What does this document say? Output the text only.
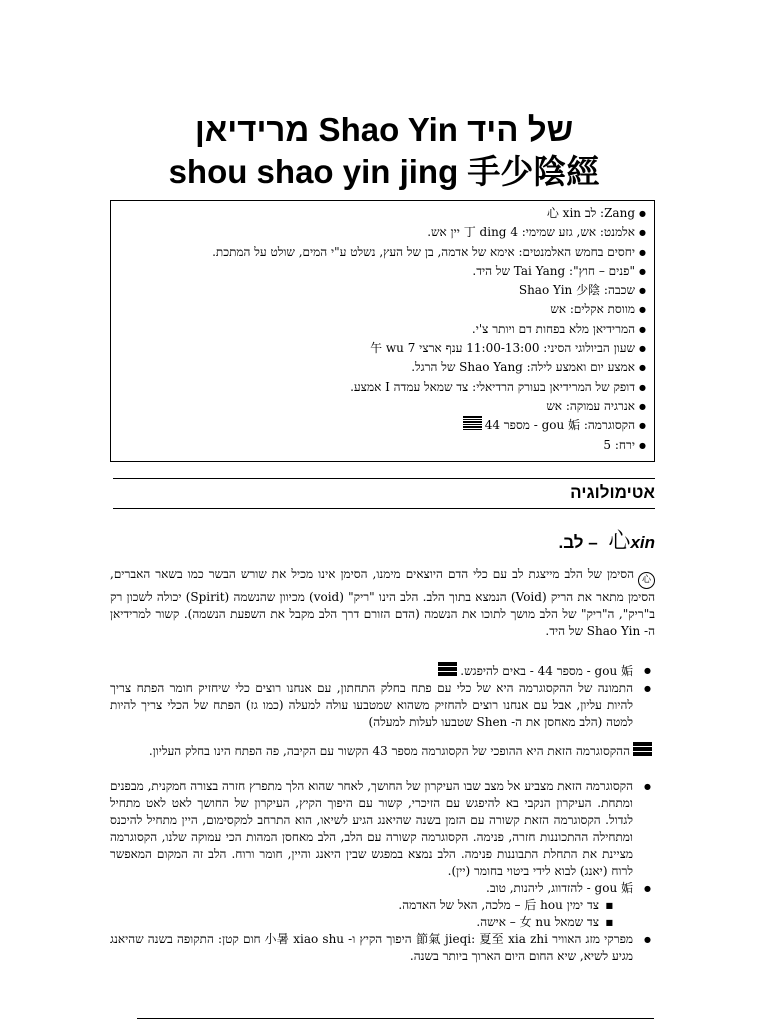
מרידיאן Shao Yin של היד
shou shao yin jing 手少陰經
● Zang: לב 心 xin
● אלמנט: אש, גזע שמימי: 4 丁 ding יין אש.
● יחסים בחמש האלמנטים: אימא של אדמה, בן של העץ, נשלט ע"י המים, שולט על המתכת.
● "פנים – חוץ": Tai Yang של היד.
● שכבה: Shao Yin 少陰
● מווסת אקלים: אש
● המרידיאן מלא בפחות דם ויותר צ'י.
● שעון הביולוגי הסיני: 11:00-13:00 ענף ארצי 7 午 wu
● אמצע יום ואמצע לילה: Shao Yang של הרגל.
● דופק של המרידיאן בעורק הרדיאלי: צד שמאל עמדה I אמצע.
● אנרגיה עמוקה: אש
● הקסוגרמה: gou 姤 - מספר 44
● ירח: 5
אטימולוגיה
心xin – לב.

心הסימן של הלב מייצגת לב עם כלי הדם היוצאים מימנו, הסימן אינו מכיל את שורש הבשר כמו בשאר האברים, הסימן מתאר את הריק (Void) הנמצא בתוך הלב. הלב הינו "ריק" (void) מכיוון שהנשמה (Spirit) יכולה לשכון רק ב"ריק", ה"ריק" של הלב מושך לתוכו את הנשמה (הדם הזורם דרך הלב מקבל את השפעת הנשמה). קשור למרידיאן ה- Shao Yin של היד.

● gou 姤 - מספר 44 - באים להיפגש.
● התמונה של ההקסוגרמה היא של כלי עם פתח בחלק התחתון, עם אנחנו רוצים כלי שיחזיק חומר הפתח צריך להיות עליון, אבל עם אנחנו רוצים להחזיק משהוא שמטבעו עולה למעלה (כמו גז) הפתח של הכלי צריך להיות למטה (הלב מאחסן את ה- Shen שטבעו לעלות למעלה)

ההקסוגרמה הזאת היא ההופכי של הקסוגרמה מספר 43 הקשור עם הקיבה, פה הפתח הינו בחלק העליון.

● הקסוגרמה הזאת מצביע אל מצב שבו העיקרון של החושך, לאחר שהוא הלך מתפרץ חזרה בצורה חמקנית, מבפנים ומתחת. העיקרון הנקבי בא להיפגש עם הזיכרי, קשור עם היפוך הקיץ, העיקרון של החושך לאט לאט מתחיל לגדול. הקסוגרמה הזאת קשורה עם הזמן בשנה שהיאנג הגיע לשיאו, הוא התרחב למקסימום, היין מתחיל להיכנס ומתחילה ההתכוננות חזרה, פנימה. הקסוגרמה קשורה עם הלב, הלב מאחסן המהות הכי עמוקה שלנו, הקסוגרמה מציינת את התחלת התבוננות פנימה. הלב נמצא במפגש שבין היאנג והיין, חומר ורוח. הלב זה המקום המאפשר לרוח (יאנג) לבוא לידי ביטוי בחומר (יין).
● gou 姤 - להזדווג, ליהנות, טוב.
■ צד ימין 后 hou – מלכה, האל של האדמה.
■ צד שמאל 女 nu – אישה.
● מפרקי מזג האוויר 節氣 jieqi: 夏至 xia zhi היפוך הקיץ ו- 小暑 xiao shu חום קטן: התקופה בשנה שהיאנג מגיע לשיא, שיא החום היום הארוך ביותר בשנה.
